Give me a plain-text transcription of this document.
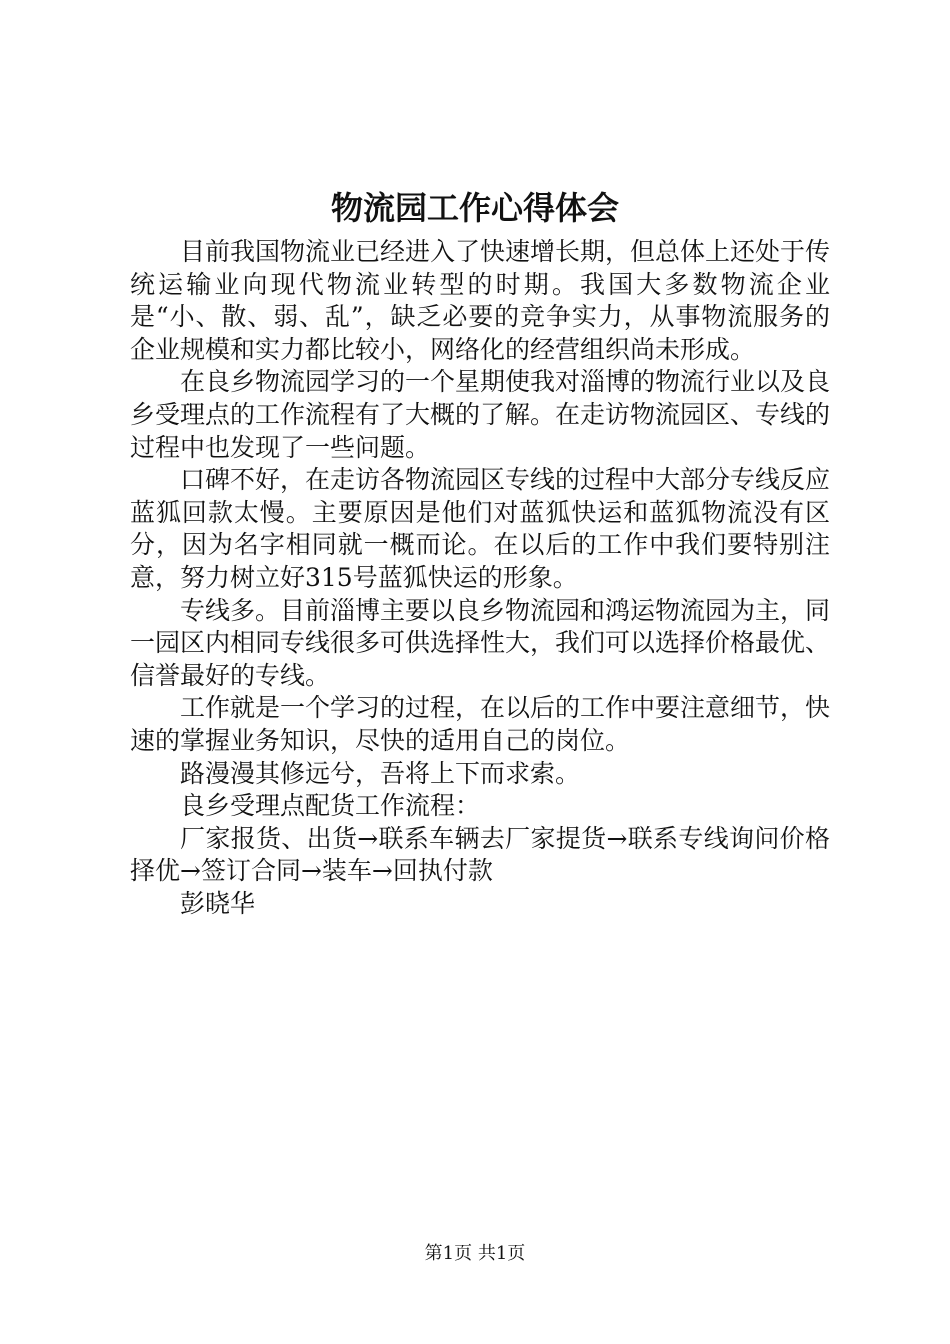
物流园工作心得体会

目前我国物流业已经进入了快速增长期，但总体上还处于传统运输业向现代物流业转型的时期。我国大多数物流企业是“小、散、弱、乱”，缺乏必要的竞争实力，从事物流服务的企业规模和实力都比较小，网络化的经营组织尚未形成。

在良乡物流园学习的一个星期使我对淄博的物流行业以及良乡受理点的工作流程有了大概的了解。在走访物流园区、专线的过程中也发现了一些问题。

口碑不好，在走访各物流园区专线的过程中大部分专线反应蓝狐回款太慢。主要原因是他们对蓝狐快运和蓝狐物流没有区分，因为名字相同就一概而论。在以后的工作中我们要特别注意，努力树立好315号蓝狐快运的形象。

专线多。目前淄博主要以良乡物流园和鸿运物流园为主，同一园区内相同专线很多可供选择性大，我们可以选择价格最优、信誉最好的专线。

工作就是一个学习的过程，在以后的工作中要注意细节，快速的掌握业务知识，尽快的适用自己的岗位。

路漫漫其修远兮，吾将上下而求索。

良乡受理点配货工作流程：

厂家报货、出货→联系车辆去厂家提货→联系专线询问价格择优→签订合同→装车→回执付款

彭晓华

第1页 共1页
